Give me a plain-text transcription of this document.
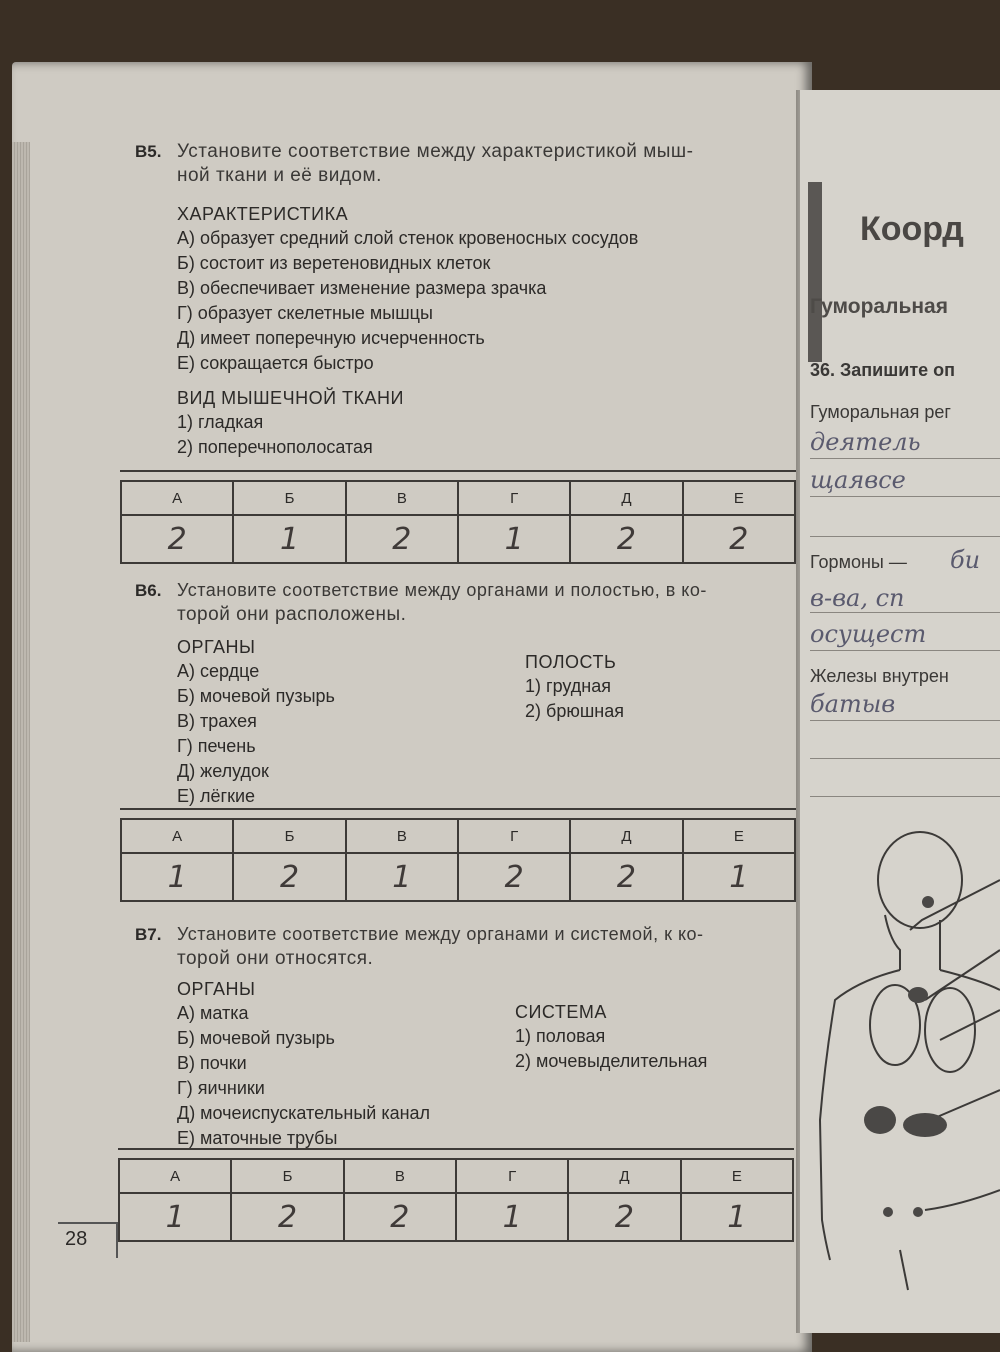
В5. Установите соответствие между характеристикой мыш-
ной ткани и её видом.
ХАРАКТЕРИСТИКА
А) образует средний слой стенок кровеносных сосудов
Б) состоит из веретеновидных клеток
В) обеспечивает изменение размера зрачка
Г) образует скелетные мышцы
Д) имеет поперечную исчерченность
Е) сокращается быстро
ВИД МЫШЕЧНОЙ ТКАНИ
1) гладкая
2) поперечнополосатая
А	Б	В	Г	Д	Е
2	1	2	1	2	2
В6. Установите соответствие между органами и полостью, в ко-
торой они расположены.
ОРГАНЫ
А) сердце
Б) мочевой пузырь
В) трахея
Г) печень
Д) желудок
Е) лёгкие
ПОЛОСТЬ
1) грудная
2) брюшная
А	Б	В	Г	Д	Е
1	2	1	2	2	1
В7. Установите соответствие между органами и системой, к ко-
торой они относятся.
ОРГАНЫ
А) матка
Б) мочевой пузырь
В) почки
Г) яичники
Д) мочеиспускательный канал
Е) маточные трубы
СИСТЕМА
1) половая
2) мочевыделительная
А	Б	В	Г	Д	Е
1	2	2	1	2	1
28
Коорд
Гуморальная
36. Запишите оп
Гуморальная рег
деятель
щаявсе
Гормоны — би
в-ва, сп
осущест
Железы внутрен
батыв
